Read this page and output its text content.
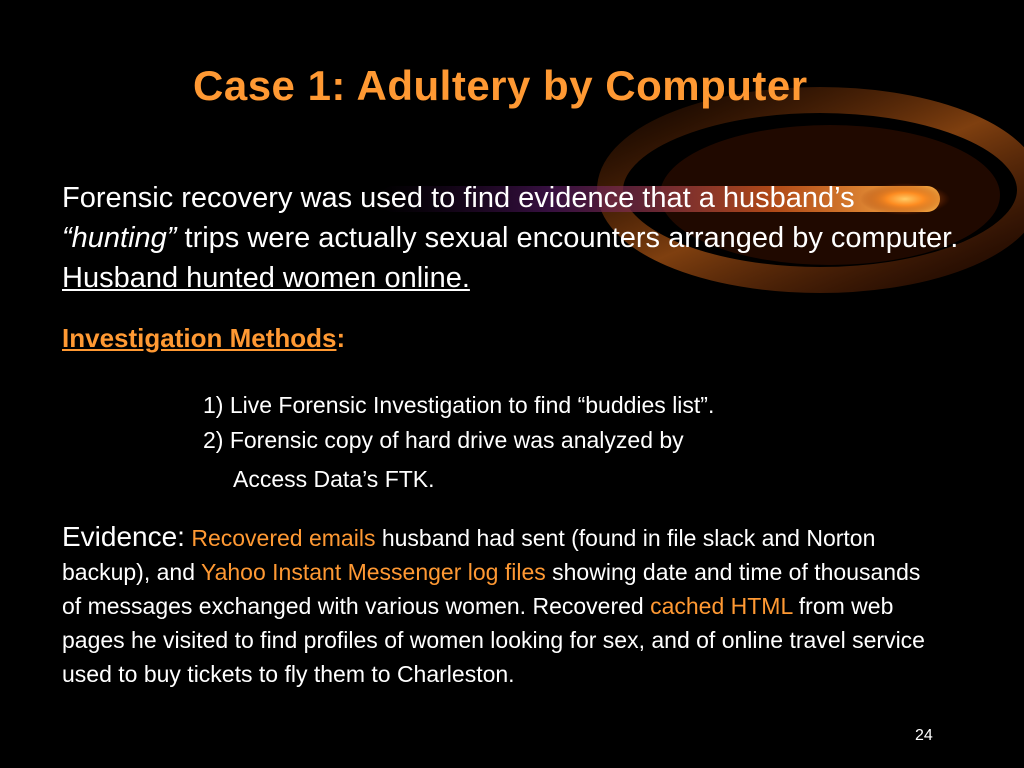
Case 1: Adultery by Computer
Forensic recovery was used to find evidence that a husband’s “hunting” trips were actually sexual encounters arranged by computer. Husband hunted women online.
Investigation Methods:
1) Live Forensic Investigation to find “buddies list”.
2) Forensic copy of hard drive was analyzed by
Access Data’s FTK.
Evidence: Recovered emails husband had sent (found in file slack and Norton backup), and Yahoo Instant Messenger log files showing date and time of thousands of messages exchanged with various women. Recovered cached HTML from web pages he visited to find profiles of women looking for sex, and of online travel service used to buy tickets to fly them to Charleston.
24
